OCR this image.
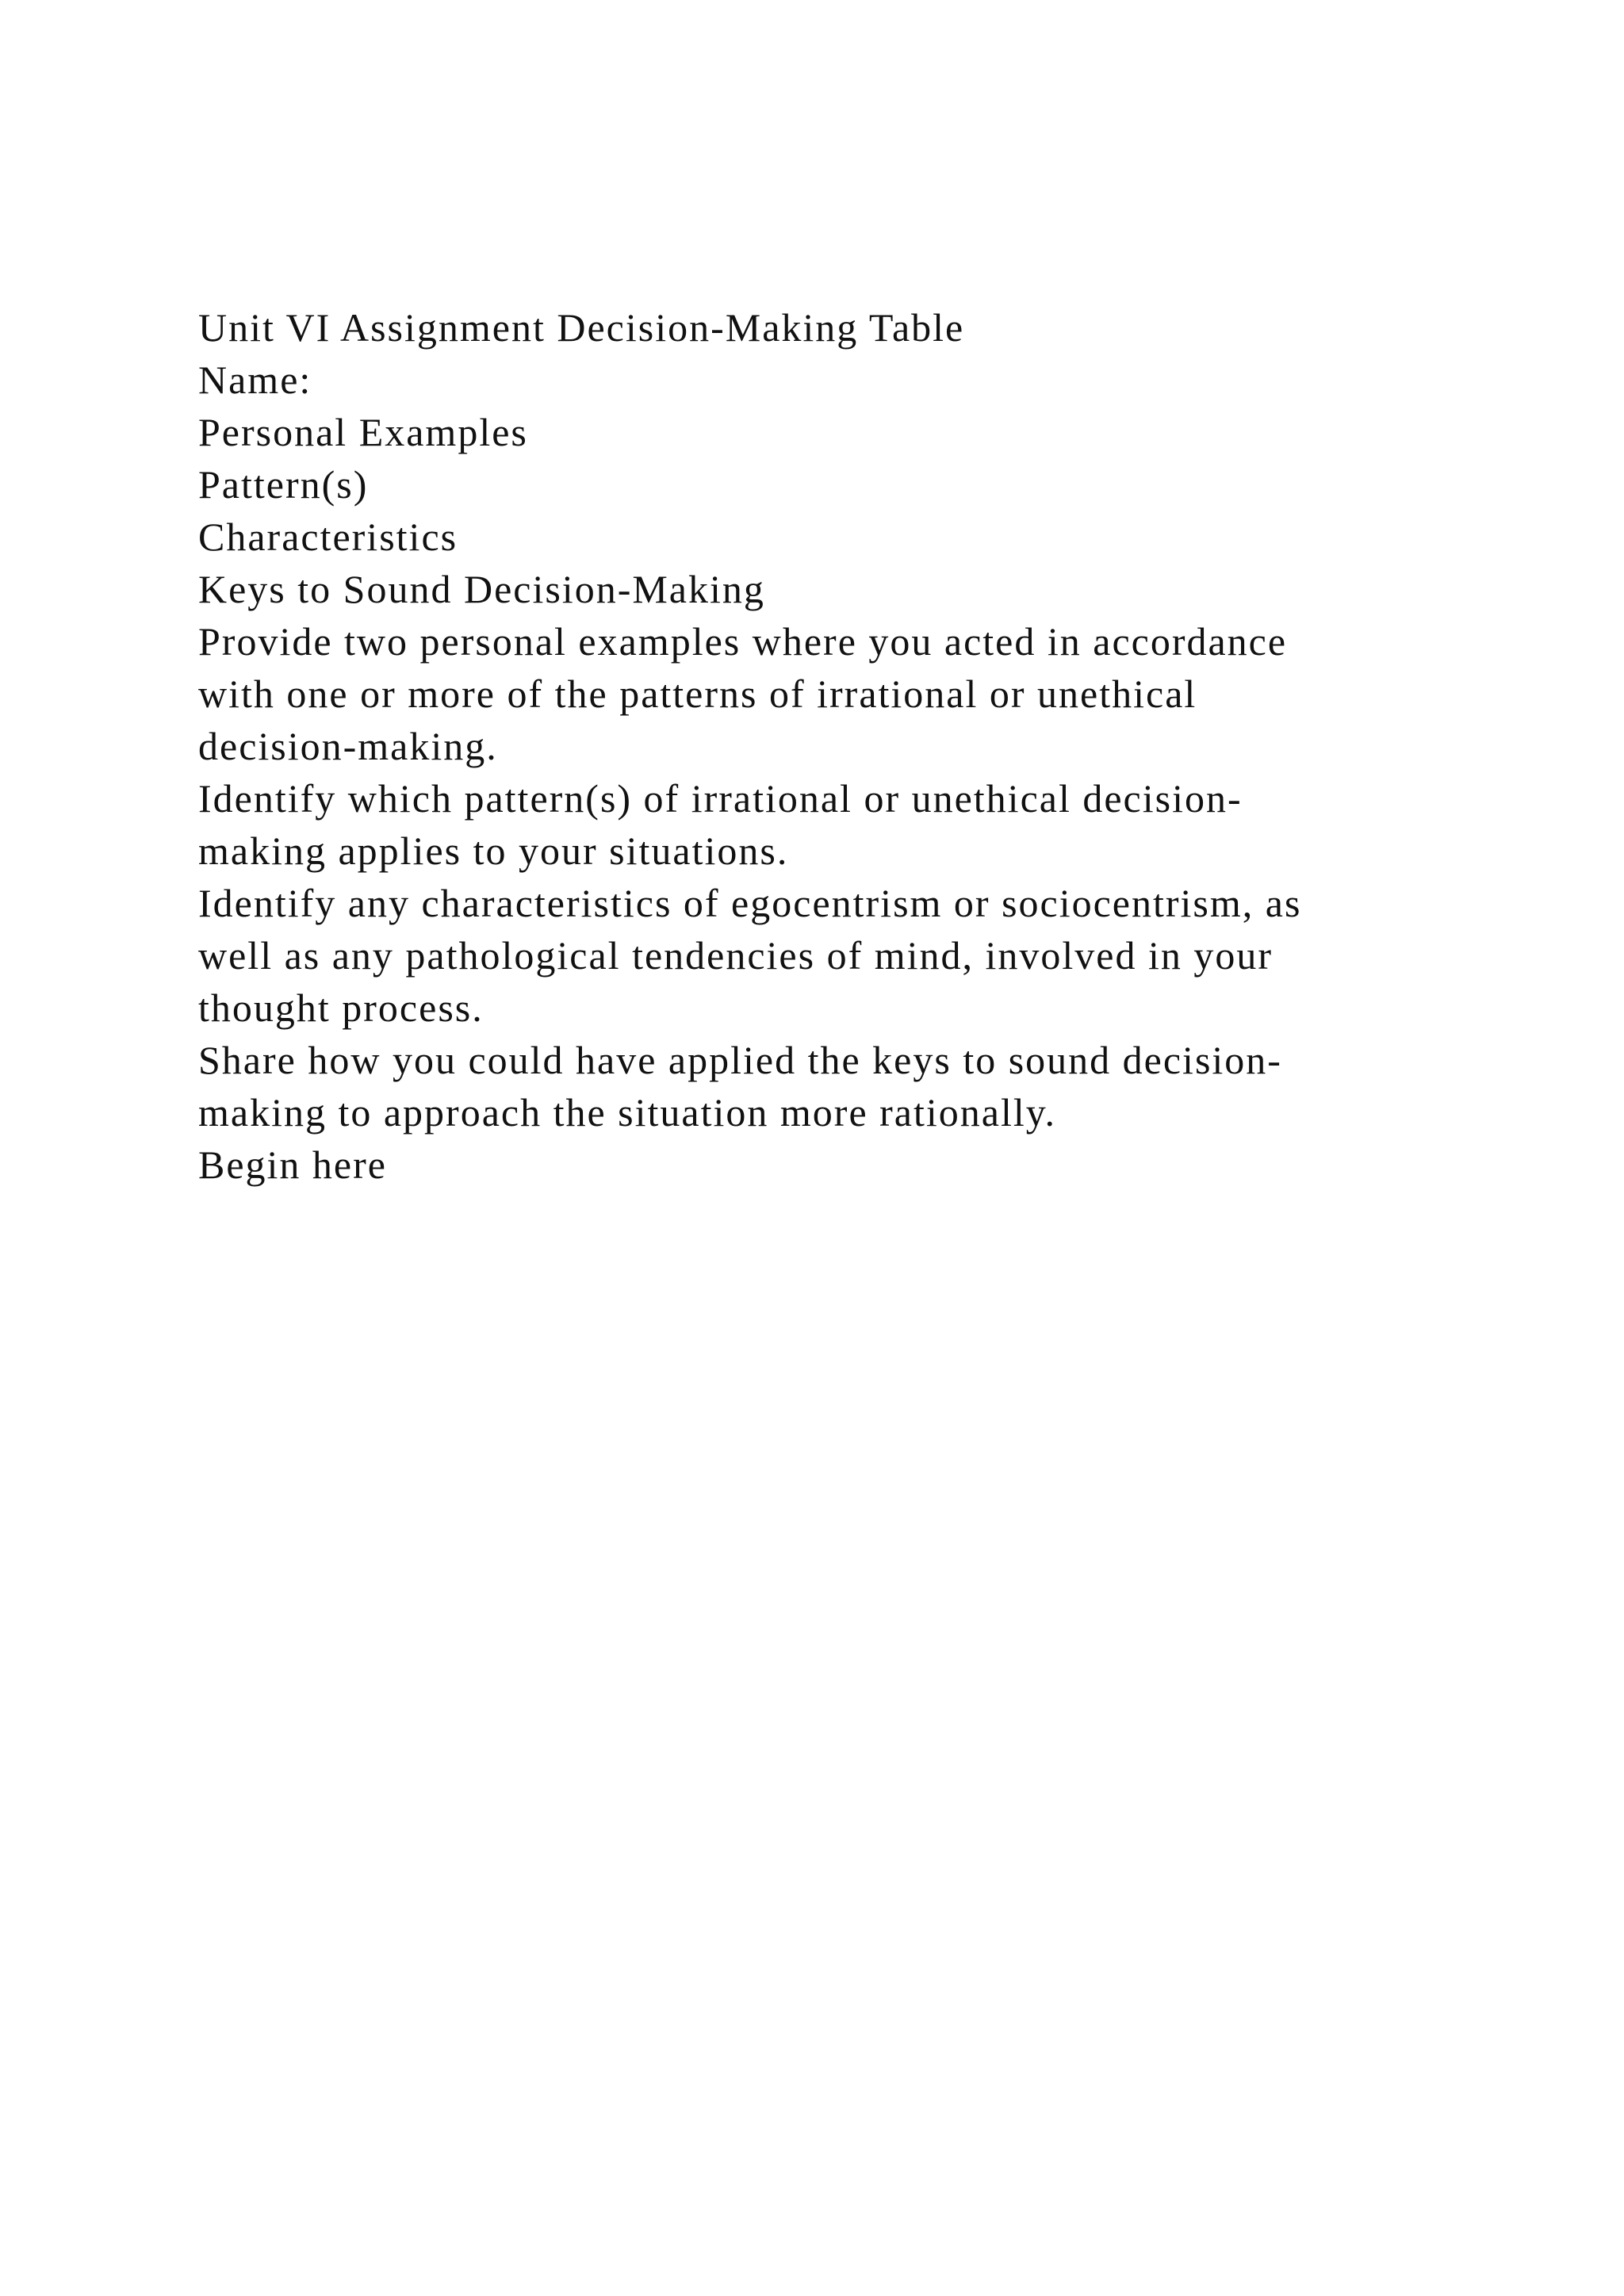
Unit VI Assignment Decision-Making Table

Name:

Personal Examples

Pattern(s)

Characteristics

Keys to Sound Decision-Making

Provide two personal examples where you acted in accordance

with one or more of the patterns of irrational or unethical

decision-making.

Identify which pattern(s) of irrational or unethical decision-

making applies to your situations.

Identify any characteristics of egocentrism or sociocentrism, as

well as any pathological tendencies of mind, involved in your

thought process.

Share how you could have applied the keys to sound decision-

making to approach the situation more rationally.

Begin here
